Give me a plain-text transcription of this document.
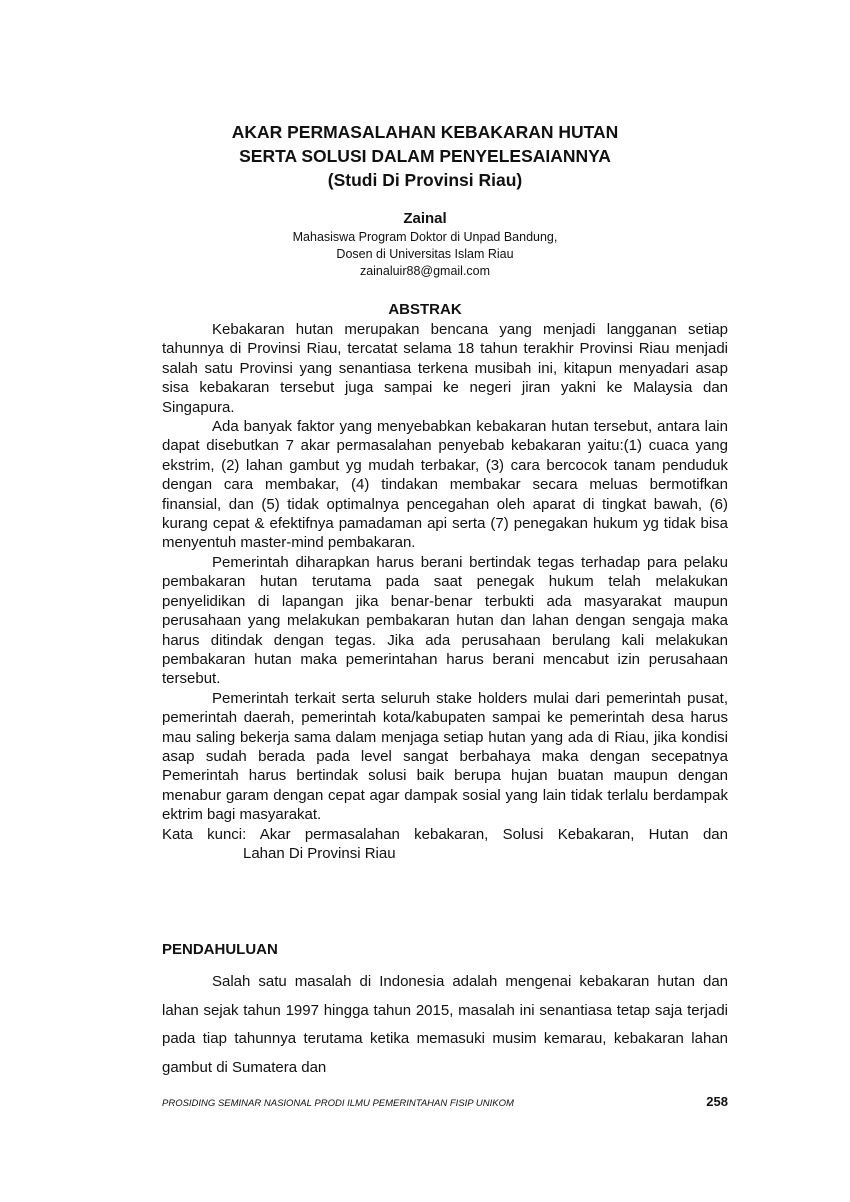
AKAR PERMASALAHAN KEBAKARAN HUTAN
SERTA SOLUSI DALAM PENYELESAIANNYA
(Studi Di Provinsi Riau)
Zainal
Mahasiswa Program Doktor di Unpad Bandung,
Dosen di Universitas Islam Riau
zainaluir88@gmail.com
ABSTRAK

Kebakaran hutan merupakan bencana yang menjadi langganan setiap tahunnya di Provinsi Riau, tercatat selama 18 tahun terakhir Provinsi Riau menjadi salah satu Provinsi yang senantiasa terkena musibah ini, kitapun menyadari asap sisa kebakaran tersebut juga sampai ke negeri jiran yakni ke Malaysia dan Singapura.

Ada banyak faktor yang menyebabkan kebakaran hutan tersebut, antara lain dapat disebutkan 7 akar permasalahan penyebab kebakaran yaitu:(1) cuaca yang ekstrim, (2) lahan gambut yg mudah terbakar, (3) cara bercocok tanam penduduk dengan cara membakar, (4) tindakan membakar secara meluas bermotifkan finansial, dan (5) tidak optimalnya pencegahan oleh aparat di tingkat bawah, (6) kurang cepat & efektifnya pamadaman api serta (7) penegakan hukum yg tidak bisa menyentuh master-mind pembakaran.

Pemerintah diharapkan harus berani bertindak tegas terhadap para pelaku pembakaran hutan terutama pada saat penegak hukum telah melakukan penyelidikan di lapangan jika benar-benar terbukti ada masyarakat maupun perusahaan yang melakukan pembakaran hutan dan lahan dengan sengaja maka harus ditindak dengan tegas. Jika ada perusahaan berulang kali melakukan pembakaran hutan maka pemerintahan harus berani mencabut izin perusahaan tersebut.

Pemerintah terkait serta seluruh stake holders mulai dari pemerintah pusat, pemerintah daerah, pemerintah kota/kabupaten sampai ke pemerintah desa harus mau saling bekerja sama dalam menjaga setiap hutan yang ada di Riau, jika kondisi asap sudah berada pada level sangat berbahaya maka dengan secepatnya Pemerintah harus bertindak solusi baik berupa hujan buatan maupun dengan menabur garam dengan cepat agar dampak sosial yang lain tidak terlalu berdampak ektrim bagi masyarakat.

Kata kunci: Akar permasalahan kebakaran, Solusi Kebakaran, Hutan dan
Lahan Di Provinsi Riau
PENDAHULUAN

Salah satu masalah di Indonesia adalah mengenai kebakaran hutan dan lahan sejak tahun 1997 hingga tahun 2015, masalah ini senantiasa tetap saja terjadi pada tiap tahunnya terutama ketika memasuki musim kemarau, kebakaran lahan gambut di Sumatera dan

PROSIDING SEMINAR NASIONAL PRODI ILMU PEMERINTAHAN FISIP UNIKOM	258
